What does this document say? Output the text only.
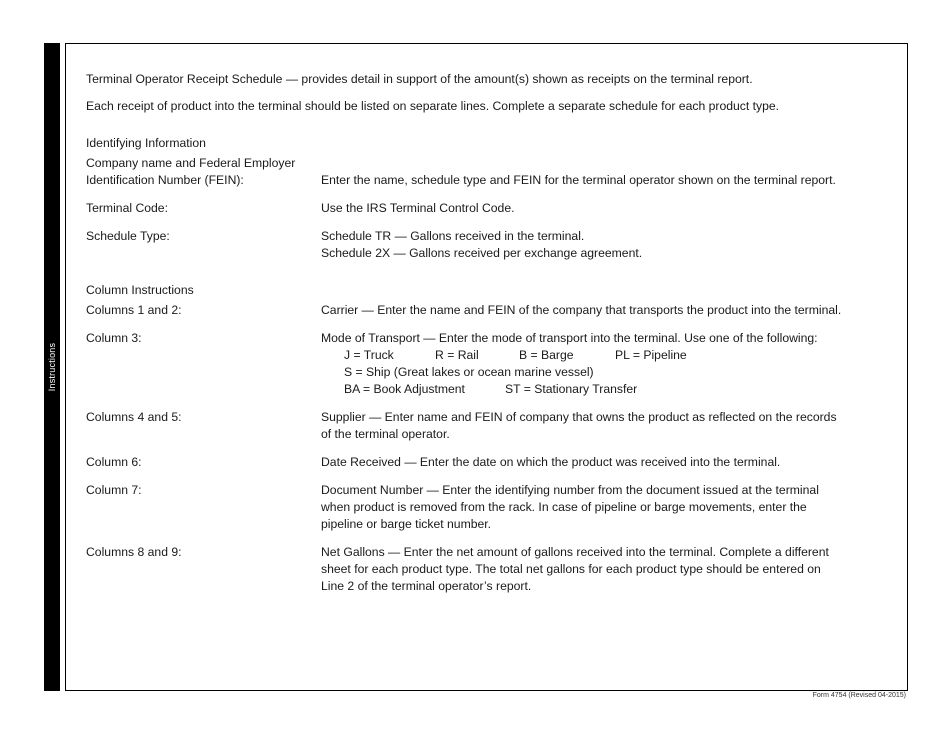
Instructions

Terminal Operator Receipt Schedule — provides detail in support of the amount(s) shown as receipts on the terminal report.

Each receipt of product into the terminal should be listed on separate lines. Complete a separate schedule for each product type.

Identifying Information
Company name and Federal Employer
Identification Number (FEIN):	Enter the name, schedule type and FEIN for the terminal operator shown on the terminal report.
Terminal Code:	Use the IRS Terminal Control Code.
Schedule Type:	Schedule TR — Gallons received in the terminal.
Schedule 2X — Gallons received per exchange agreement.
Column Instructions
Columns 1 and 2:	Carrier — Enter the name and FEIN of the company that transports the product into the terminal.
Column 3:	Mode of Transport — Enter the mode of transport into the terminal. Use one of the following:
J = Truck	R = Rail	B = Barge	PL = Pipeline
S = Ship (Great lakes or ocean marine vessel)
BA = Book Adjustment	ST = Stationary Transfer
Columns 4 and 5:	Supplier — Enter name and FEIN of company that owns the product as reflected on the records
of the terminal operator.
Column 6:	Date Received — Enter the date on which the product was received into the terminal.
Column 7:	Document Number — Enter the identifying number from the document issued at the terminal
when product is removed from the rack. In case of pipeline or barge movements, enter the
pipeline or barge ticket number.
Columns 8 and 9:	Net Gallons — Enter the net amount of gallons received into the terminal. Complete a different
sheet for each product type. The total net gallons for each product type should be entered on
Line 2 of the terminal operator’s report.
Form 4754 (Revised 04-2015)
